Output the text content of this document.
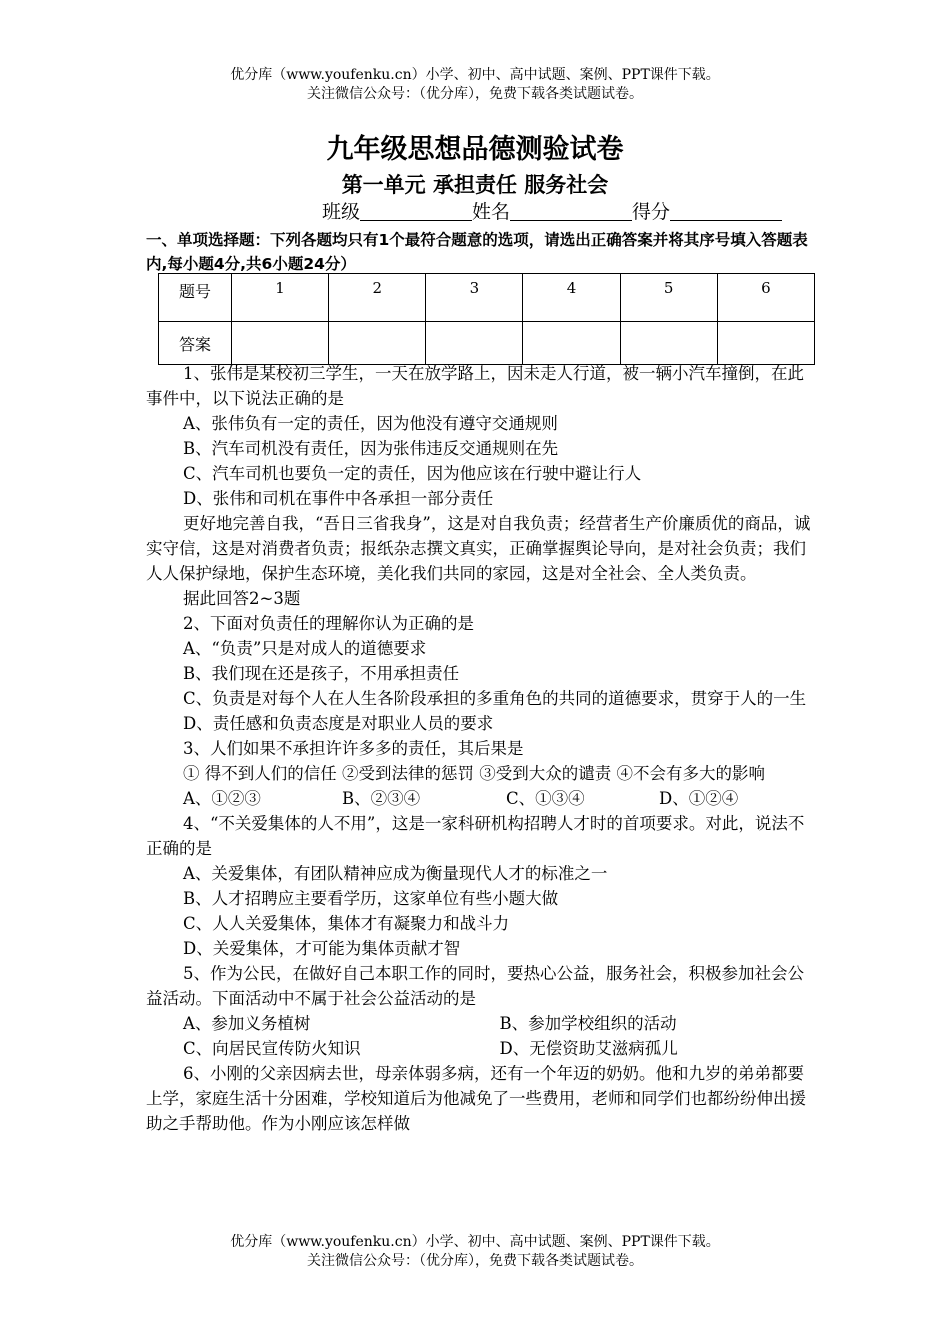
优分库（www.youfenku.cn）小学、初中、高中试题、案例、PPT课件下载。
关注微信公众号：（优分库），免费下载各类试题试卷。
九年级思想品德测验试卷
第一单元 承担责任 服务社会
班级	姓名	得分
一、单项选择题：下列各题均只有1个最符合题意的选项，请选出正确答案并将其序号填入答题表内,每小题4分,共6小题24分）
题号	1	2	3	4	5	6
答案						

1、张伟是某校初三学生，一天在放学路上，因未走人行道，被一辆小汽车撞倒，在此事件中，以下说法正确的是

A、张伟负有一定的责任，因为他没有遵守交通规则

B、汽车司机没有责任，因为张伟违反交通规则在先

C、汽车司机也要负一定的责任，因为他应该在行驶中避让行人

D、张伟和司机在事件中各承担一部分责任

更好地完善自我，“吾日三省我身”，这是对自我负责；经营者生产价廉质优的商品，诚实守信，这是对消费者负责；报纸杂志撰文真实，正确掌握舆论导向，是对社会负责；我们人人保护绿地，保护生态环境，美化我们共同的家园，这是对全社会、全人类负责。

据此回答2~3题

2、下面对负责任的理解你认为正确的是

A、“负责”只是对成人的道德要求

B、我们现在还是孩子，不用承担责任

C、负责是对每个人在人生各阶段承担的多重角色的共同的道德要求，贯穿于人的一生

D、责任感和负责态度是对职业人员的要求

3、人们如果不承担许许多多的责任，其后果是

① 得不到人们的信任 ②受到法律的惩罚 ③受到大众的谴责 ④不会有多大的影响

A、①②③	B、②③④	C、①③④	D、①②④

4、“不关爱集体的人不用”，这是一家科研机构招聘人才时的首项要求。对此，说法不正确的是

A、关爱集体，有团队精神应成为衡量现代人才的标准之一

B、人才招聘应主要看学历，这家单位有些小题大做

C、人人关爱集体，集体才有凝聚力和战斗力

D、关爱集体，才可能为集体贡献才智

5、作为公民，在做好自己本职工作的同时，要热心公益，服务社会，积极参加社会公益活动。下面活动中不属于社会公益活动的是

A、参加义务植树	B、参加学校组织的活动
C、向居民宣传防火知识	D、无偿资助艾滋病孤儿

6、小刚的父亲因病去世，母亲体弱多病，还有一个年迈的奶奶。他和九岁的弟弟都要上学，家庭生活十分困难，学校知道后为他减免了一些费用，老师和同学们也都纷纷伸出援助之手帮助他。作为小刚应该怎样做

优分库（www.youfenku.cn）小学、初中、高中试题、案例、PPT课件下载。
关注微信公众号：（优分库），免费下载各类试题试卷。
